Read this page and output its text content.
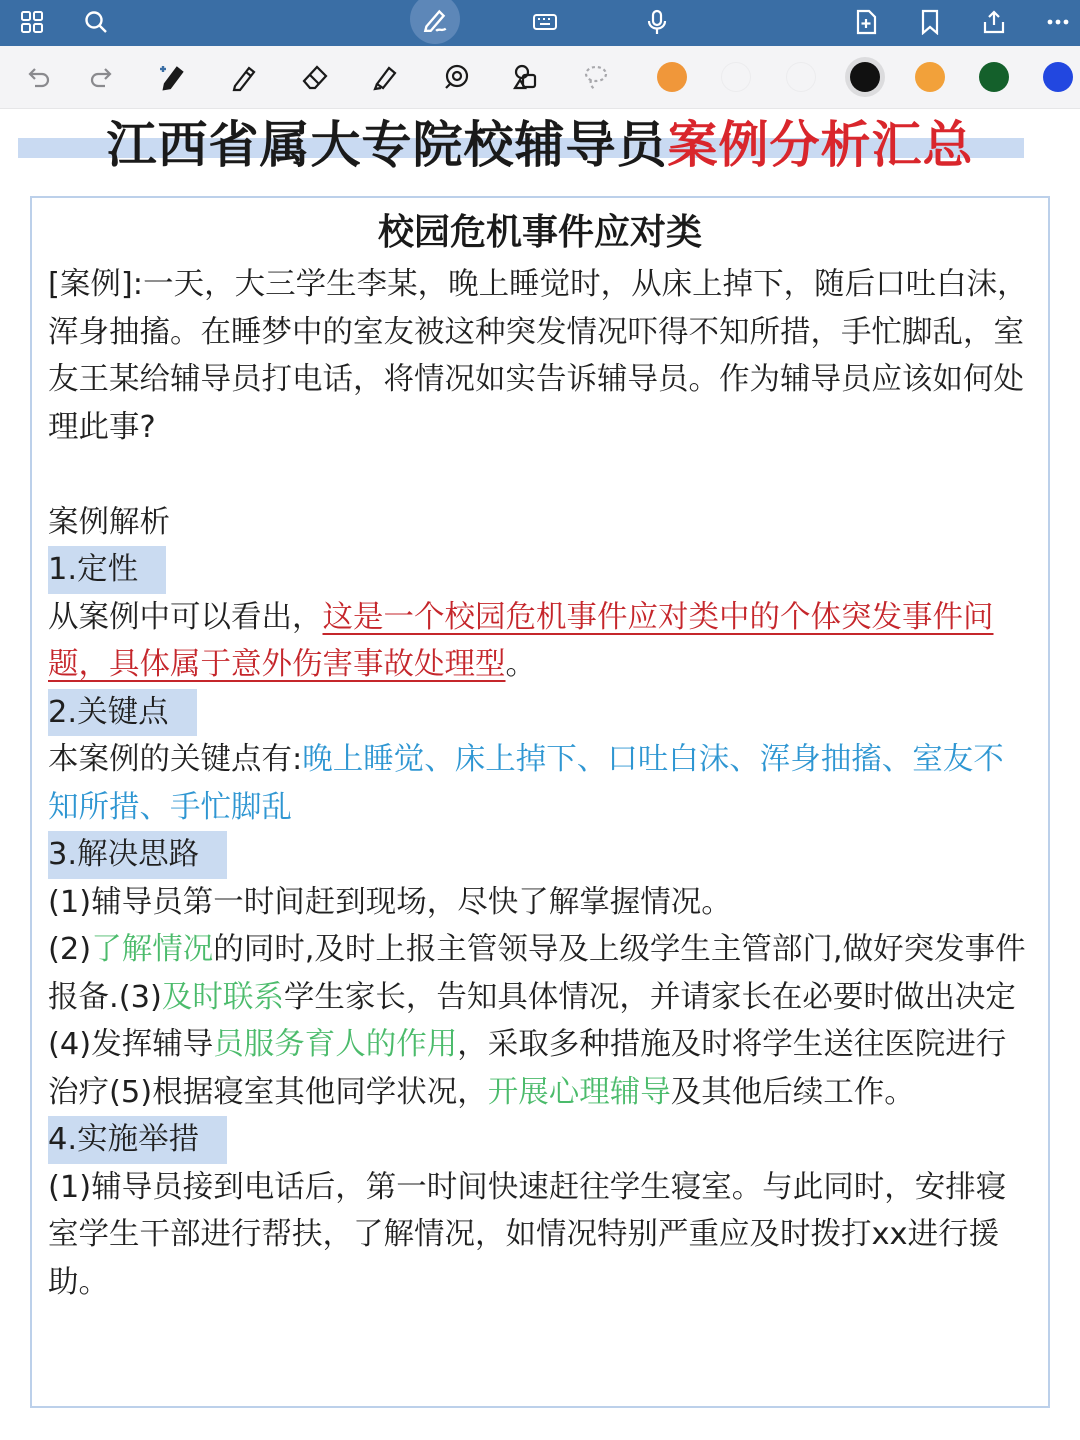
江西省属大专院校辅导员案例分析汇总
校园危机事件应对类

[案例]:一天，大三学生李某，晚上睡觉时，从床上掉下，随后口吐白沫，浑身抽搐。在睡梦中的室友被这种突发情况吓得不知所措，手忙脚乱，室友王某给辅导员打电话，将情况如实告诉辅导员。作为辅导员应该如何处理此事?

案例解析

1.定性

从案例中可以看出，这是一个校园危机事件应对类中的个体突发事件问题，具体属于意外伤害事故处理型。

2.关键点

本案例的关键点有:晚上睡觉、床上掉下、口吐白沫、浑身抽搐、室友不知所措、手忙脚乱

3.解决思路

(1)辅导员第一时间赶到现场，尽快了解掌握情况。

(2)了解情况的同时,及时上报主管领导及上级学生主管部门,做好突发事件报备.(3)及时联系学生家长，告知具体情况，并请家长在必要时做出决定

(4)发挥辅导员服务育人的作用，采取多种措施及时将学生送往医院进行治疗(5)根据寝室其他同学状况，开展心理辅导及其他后续工作。

4.实施举措

(1)辅导员接到电话后，第一时间快速赶往学生寝室。与此同时，安排寝室学生干部进行帮扶，了解情况，如情况特别严重应及时拨打xx进行援助。
